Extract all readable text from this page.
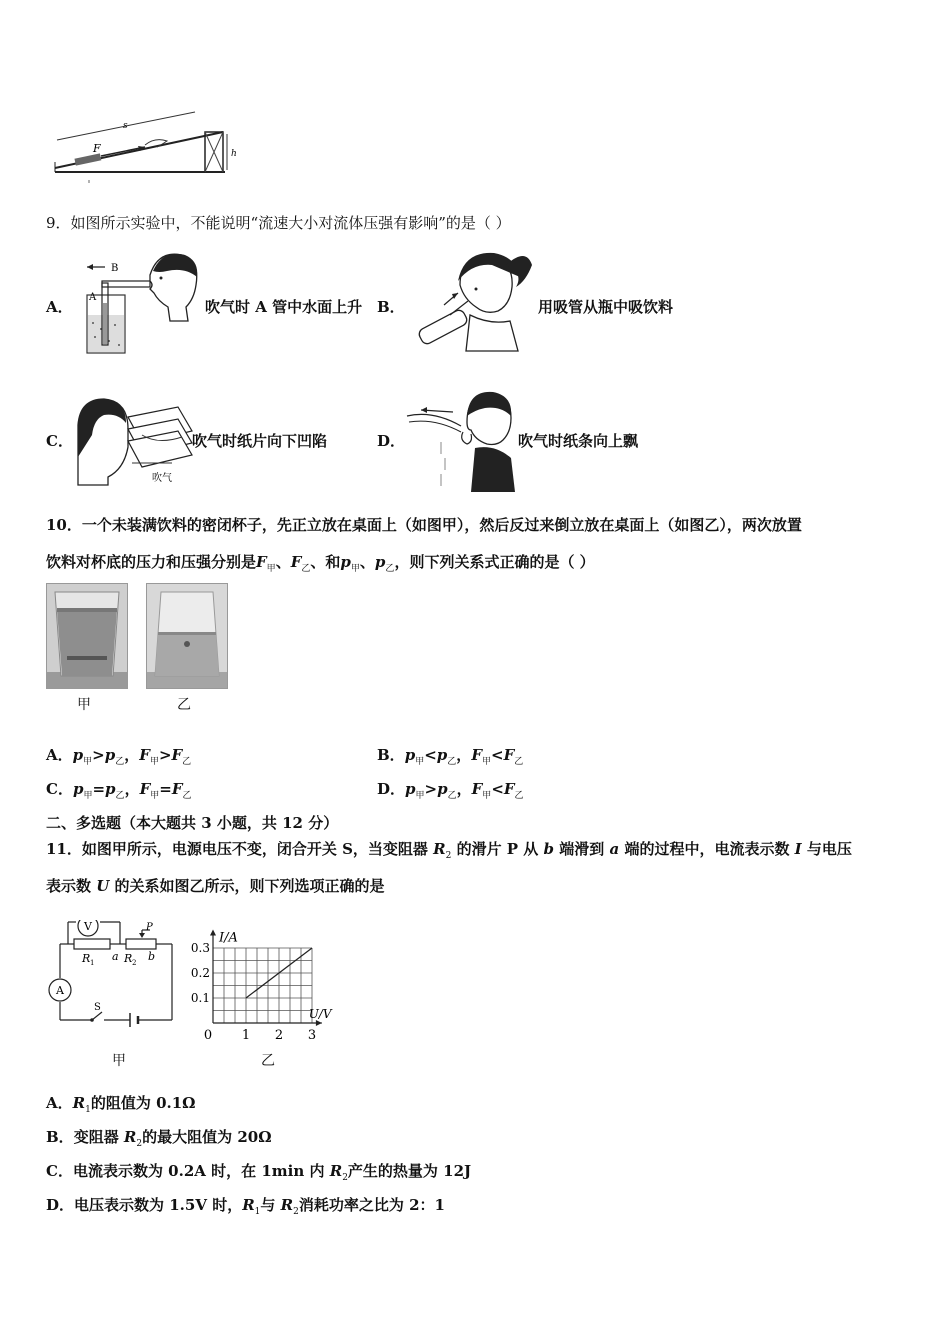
s
F	h
9．如图所示实验中，不能说明“流速大小对流体压强有影响”的是（ ）
A．
B
A
吹气时 A 管中水面上升 B．	用吸管从瓶中吸饮料
C．
吹气
吹气时纸片向下凹陷	D．	吹气时纸条向上飘
10．一个未装满饮料的密闭杯子，先正立放在桌面上（如图甲），然后反过来倒立放在桌面上（如图乙），两次放置
饮料对杯底的压力和压强分别是$F_甲$、$F_乙$、和$p_甲$、$p_乙$，则下列关系式正确的是（ ）
甲	乙
A．$p_甲>p_乙$，$F_甲>F_乙$	B．$p_甲<p_乙$，$F_甲<F_乙$
C．$p_甲=p_乙$，$F_甲=F_乙$	D．$p_甲>p_乙$，$F_甲<F_乙$
二、多选题（本大题共 3 小题，共 12 分）
11．如图甲所示，电源电压不变，闭合开关 S，当变阻器 $R_2$ 的滑片 P 从 b 端滑到 a 端的过程中，电流表示数 I 与电压
表示数 U 的关系如图乙所示，则下列选项正确的是
V
A
R 1	R 2
a	b
P
S
甲
I/A
U/V
0 1 2 3
0.1
0.2
0.3
乙
A．$R_1$的阻值为 0.1Ω
B．变阻器 $R_2$的最大阻值为 20Ω
C．电流表示数为 0.2A 时，在 1min 内 $R_2$产生的热量为 12J
D．电压表示数为 1.5V 时，$R_1$与 $R_2$消耗功率之比为 2：1
